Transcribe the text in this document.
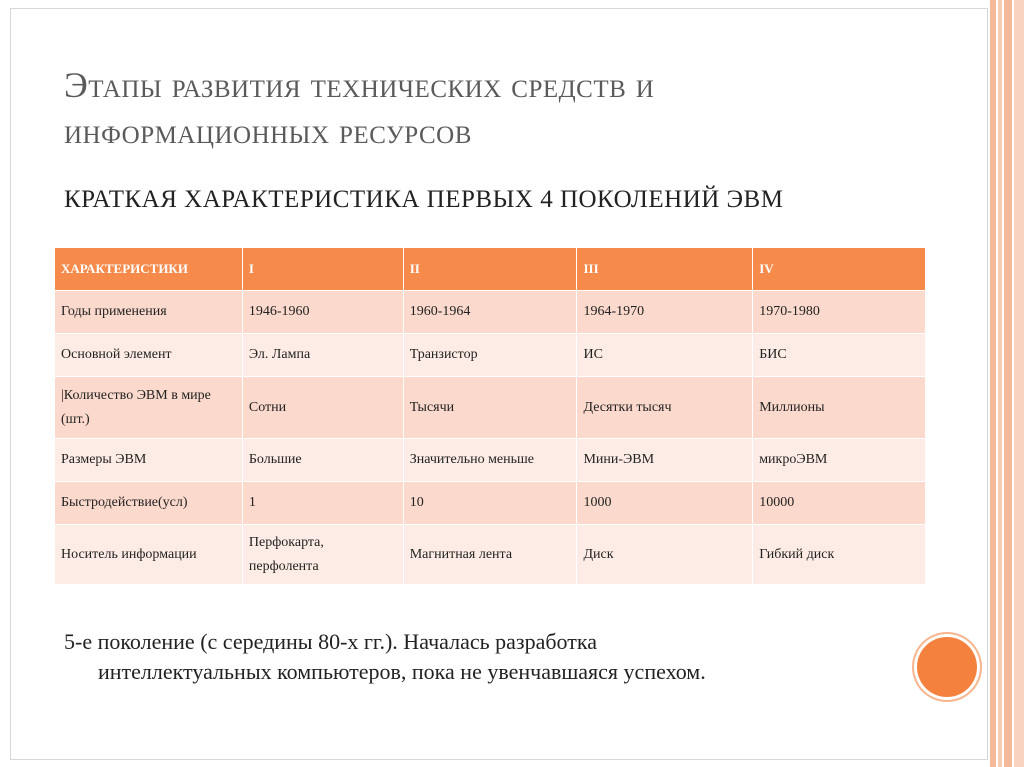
Этапы развития технических средств и информационных ресурсов
КРАТКАЯ ХАРАКТЕРИСТИКА ПЕРВЫХ 4 ПОКОЛЕНИЙ ЭВМ
ХАРАКТЕРИСТИКИ	I	II	III	IV
Годы применения	1946-1960	1960-1964	1964-1970	1970-1980
Основной элемент	Эл. Лампа	Транзистор	ИС	БИС
|Количество ЭВМ в мире (шт.)	Сотни	Тысячи	Десятки тысяч	Миллионы
Размеры ЭВМ	Большие	Значительно меньше	Мини-ЭВМ	микроЭВМ
Быстродействие(усл)	1	10	1000	10000
Носитель информации	Перфокарта, перфолента	Магнитная лента	Диск	Гибкий диск
5-е поколение (с середины 80-х гг.). Началась разработка
интеллектуальных компьютеров, пока не увенчавшаяся успехом.
